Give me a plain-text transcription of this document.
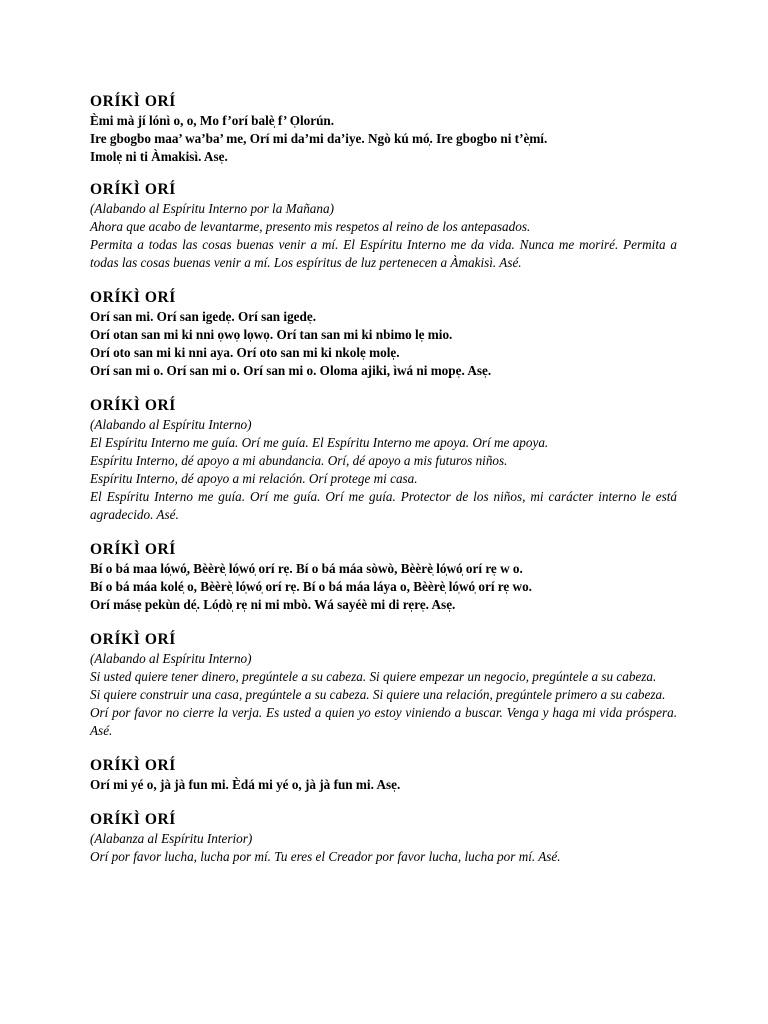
ORÍKÌ ORÍ

Èmi mà jí lónì o, o, Mo f’orí balè̩ f’ O̩lorún.

Ire gbogbo maa’ wa’ba’ me, Orí mi da’mi da’iye. Ngò kú mó̩. Ire gbogbo ni t’è̩mí.

Imole̩ ni ti Àmakisì. Ase̩.

ORÍKÌ ORÍ

(Alabando al Espíritu Interno por la Mañana)

Ahora que acabo de levantarme, presento mis respetos al reino de los antepasados.

Permita a todas las cosas buenas venir a mí. El Espíritu Interno me da vida. Nunca me moriré. Permita a todas las cosas buenas venir a mí. Los espíritus de luz pertenecen a Àmakisì. Asé.

ORÍKÌ ORÍ

Orí san mi. Orí san igede̩. Orí san igede̩.

Orí otan san mi ki nni o̩wo̩ lo̩wo̩. Orí tan san mi ki nbimo le̩ mio.

Orí oto san mi ki nni aya. Orí oto san mi ki nkole̩ mole̩.

Orí san mi o. Orí san mi o. Orí san mi o. Oloma ajiki, ìwá ni mope̩. Ase̩.

ORÍKÌ ORÍ

(Alabando al Espíritu Interno)

El Espíritu Interno me guía. Orí me guía. El Espíritu Interno me apoya. Orí me apoya.

Espíritu Interno, dé apoyo a mi abundancia. Orí, dé apoyo a mis futuros niños.

Espíritu Interno, dé apoyo a mi relación. Orí protege mi casa.

El Espíritu Interno me guía. Orí me guía. Orí me guía. Protector de los niños, mi carácter interno le está agradecido. Asé.

ORÍKÌ ORÍ

Bí o bá maa ló̩wó̩, Bèèrè̩ ló̩wó̩ orí re̩. Bí o bá máa sòwò, Bèèrè̩ ló̩wó̩ orí re̩ w o.

Bí o bá máa kolé̩ o, Bèèrè̩ ló̩wó̩ orí re̩. Bí o bá máa láya o, Bèèrè̩ ló̩wó̩ orí re̩ wo.

Orí máse̩ pekùn dé̩. Ló̩dò̩ re̩ ni mi mbò. Wá sayéè mi di re̩re̩. Ase̩.

ORÍKÌ ORÍ

(Alabando al Espíritu Interno)

Si usted quiere tener dinero, pregúntele a su cabeza. Si quiere empezar un negocio, pregúntele a su cabeza.

Si quiere construir una casa, pregúntele a su cabeza. Si quiere una relación, pregúntele primero a su cabeza.

Orí por favor no cierre la verja. Es usted a quien yo estoy viniendo a buscar. Venga y haga mi vida próspera. Asé.

ORÍKÌ ORÍ

Orí mi yé o, jà jà fun mi. Èdá mi yé o, jà jà fun mi. Ase̩.

ORÍKÌ ORÍ

(Alabanza al Espíritu Interior)

Orí por favor lucha, lucha por mí. Tu eres el Creador por favor lucha, lucha por mí. Asé.
